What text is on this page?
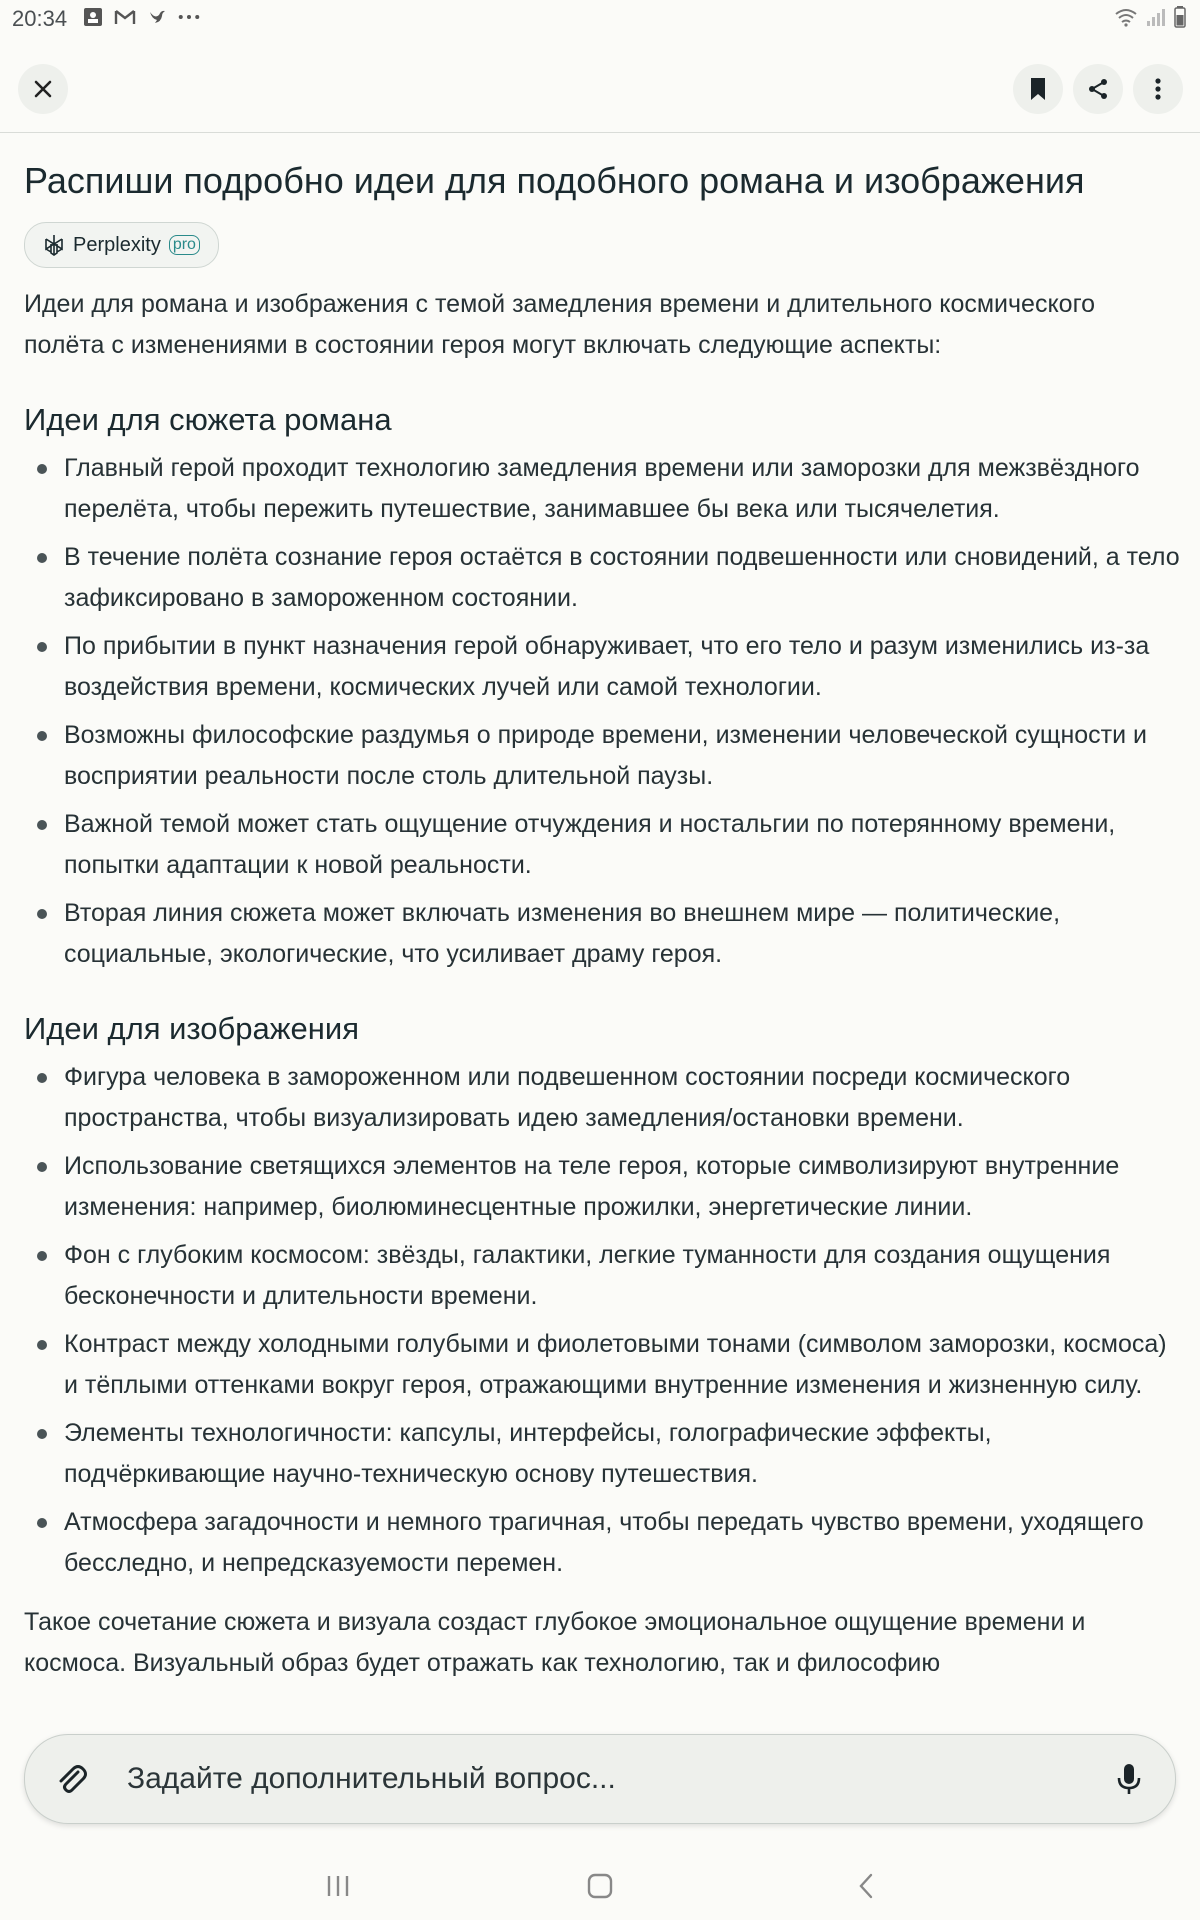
20:34
Распиши подробно идеи для подобного романа и изображения
Perplexity pro
Идеи для романа и изображения с темой замедления времени и длительного космического полёта с изменениями в состоянии героя могут включать следующие аспекты:
Идеи для сюжета романа
Главный герой проходит технологию замедления времени или заморозки для межзвёздного перелёта, чтобы пережить путешествие, занимавшее бы века или тысячелетия.
В течение полёта сознание героя остаётся в состоянии подвешенности или сновидений, а тело зафиксировано в замороженном состоянии.
По прибытии в пункт назначения герой обнаруживает, что его тело и разум изменились из-за воздействия времени, космических лучей или самой технологии.
Возможны философские раздумья о природе времени, изменении человеческой сущности и восприятии реальности после столь длительной паузы.
Важной темой может стать ощущение отчуждения и ностальгии по потерянному времени, попытки адаптации к новой реальности.
Вторая линия сюжета может включать изменения во внешнем мире — политические, социальные, экологические, что усиливает драму героя.
Идеи для изображения
Фигура человека в замороженном или подвешенном состоянии посреди космического пространства, чтобы визуализировать идею замедления/остановки времени.
Использование светящихся элементов на теле героя, которые символизируют внутренние изменения: например, биолюминесцентные прожилки, энергетические линии.
Фон с глубоким космосом: звёзды, галактики, легкие туманности для создания ощущения бесконечности и длительности времени.
Контраст между холодными голубыми и фиолетовыми тонами (символом заморозки, космоса) и тёплыми оттенками вокруг героя, отражающими внутренние изменения и жизненную силу.
Элементы технологичности: капсулы, интерфейсы, голографические эффекты, подчёркивающие научно-техническую основу путешествия.
Атмосфера загадочности и немного трагичная, чтобы передать чувство времени, уходящего бесследно, и непредсказуемости перемен.
Такое сочетание сюжета и визуала создаст глубокое эмоциональное ощущение времени и космоса. Визуальный образ будет отражать как технологию, так и философию
Задайте дополнительный вопрос...
